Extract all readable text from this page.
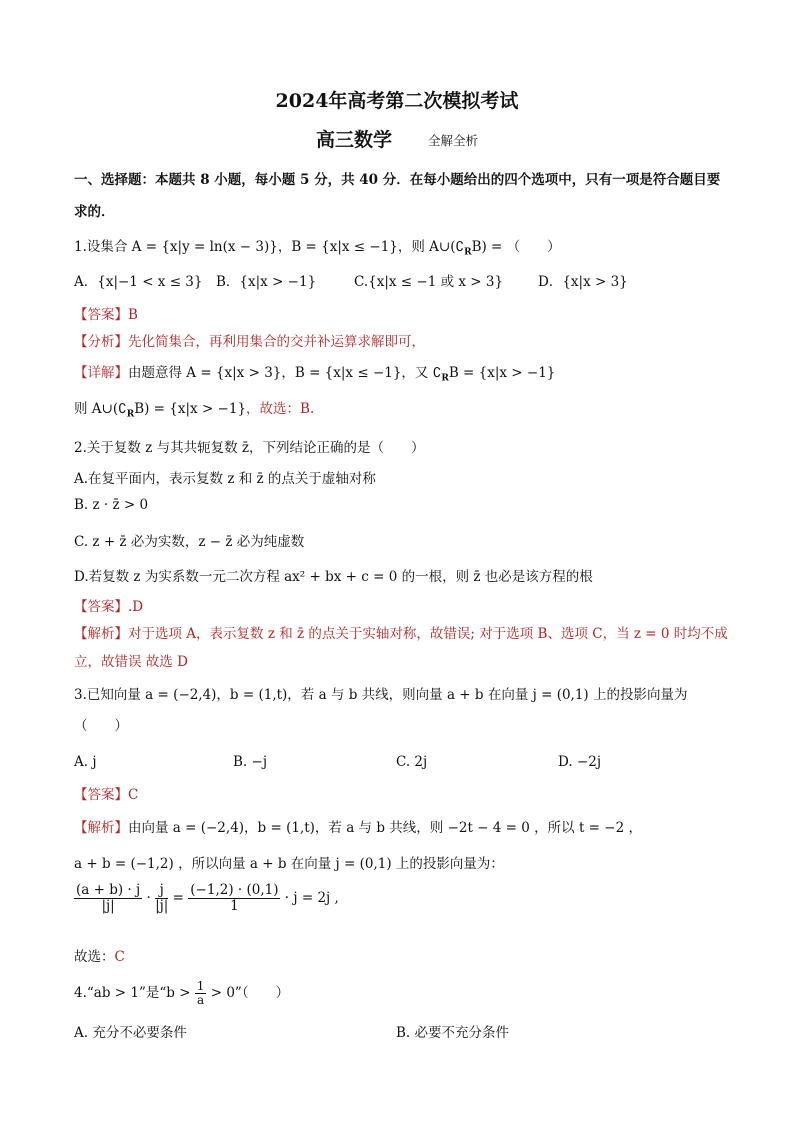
2024年高考第二次模拟考试
高三数学	全解全析
一、选择题：本题共 8 小题，每小题 5 分，共 40 分．在每小题给出的四个选项中，只有一项是符合题目要
求的．
1.设集合 A = {x|y = ln(x − 3)}，B = {x|x ≤ −1}，则 $A\cup(∁_RB)$ = （　　）
A．{x|−1 < x ≤ 3} B．{x|x > −1}	C.{x|x ≤ −1 或 x > 3}	D．{x|x > 3}
【答案】B
【分析】先化简集合，再利用集合的交并补运算求解即可，
【详解】由题意得 A = {x|x > 3}，B = {x|x ≤ −1}，又 $∁_RB = \{x|x > -1\}$
则 $A\cup(∁_RB) = \{x|x > -1\}$，故选：B.
2.关于复数 z 与其共轭复数 z̄，下列结论正确的是（　　）
A.在复平面内，表示复数 z 和 z̄ 的点关于虚轴对称
B. z · z̄ > 0
C. z + z̄ 必为实数，z − z̄ 必为纯虚数
D.若复数 z 为实系数一元二次方程 ax² + bx + c = 0 的一根，则 z̄ 也必是该方程的根
【答案】.D
【解析】对于选项 A，表示复数 z 和 z̄ 的点关于实轴对称，故错误; 对于选项 B、选项 C，当 z = 0 时均不成
立，故错误 故选 D
3.已知向量 a = (−2,4)，b = (1,t)，若 a 与 b 共线，则向量 a + b 在向量 j = (0,1) 上的投影向量为
（　　）
A. j	B. −j	C. 2j	D. −2j
【答案】C
【解析】由向量 a = (−2,4)，b = (1,t)，若 a 与 b 共线，则 −2t − 4 = 0 ，所以 t = −2 ，
a + b = (−1,2) ，所以向量 a + b 在向量 j = (0,1) 上的投影向量为：
$\frac{(a + b) \cdot j}{|j|} \cdot \frac{j}{|j|} = \frac{(-1,2) \cdot (0,1)}{1} \cdot j = 2j$ ,
故选：C
4.“ab > 1”是“$b > \frac{1}{a}$ > 0”（　　）
A. 充分不必要条件	B. 必要不充分条件
